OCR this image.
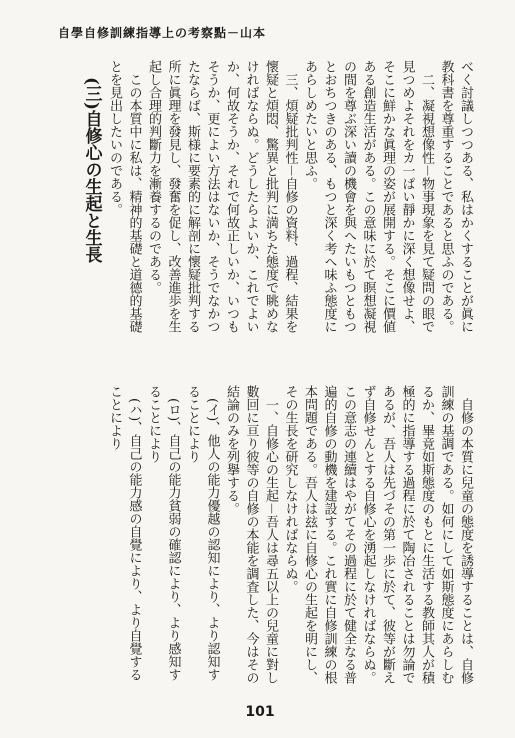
自學自修訓練指導上の考察點－山本

べく討議しつつある、私はかくすることが眞に教科書を尊重することであると思ふのである。

二、凝視想像性－物事現象を見て疑問の眼で見つめよそれをカ一ぱい靜かに深く想像せよ、そこに鮮かな眞理の姿が展開する。そこに價値ある創造生活がある。この意味に於て瞑想凝視の間を尊ぶ深い讀の機會を與へたいもつともつとおちつきのある、もつと深く考へ味ふ態度にあらしめたいと思ふ。

三、煩疑批判性－自修の資料、過程、結果を懷疑と煩悶、驚異と批判に満ちた態度で眺めなければならぬ。どうしたらよいか、これでよいか、何故そうか、それで何故正しいか、いつもそうか、更によい方法はないか、そうでなかつたならば、斯様に要素的に解剖に懷疑批判する所に眞理を發見し、發奮を促し、改善進歩を生起し合理的判斷力を漸養するのである。

この本質中に私は、精神的基礎と道德的基礎とを見出したいのである。

(三)自修心の生起と生長

自修の本質に兒童の態度を誘導することは、自修訓練の基調である。如何にして如斯態度にあらしむるか、畢竟如斯態度のもとに生活する教師其人が積極的に指導する過程に於て陶冶されることは勿論であるが、吾人は先づその第一歩に於て、彼等が斷えず自修せんとする自修心を湧起しなければならぬ。この意志の連續はやがてその過程に於て健全なる普遍的自修の動機を建設する。これ實に自修訓練の根本問題である。吾人は玆に自修心の生起を明にし、その生長を研究しなければならぬ。

一、自修心の生起－吾人は尋五以上の兒童に對し數回に亘り彼等の自修の本能を調査した、今はその結論のみを列擧する。

(イ)、他人の能力優越の認知により、より認知することにより

(ロ)、自己の能力貧弱の確認により、より感知することにより

(ハ)、自己の能力感の自覺により、より自覺することにより

101
